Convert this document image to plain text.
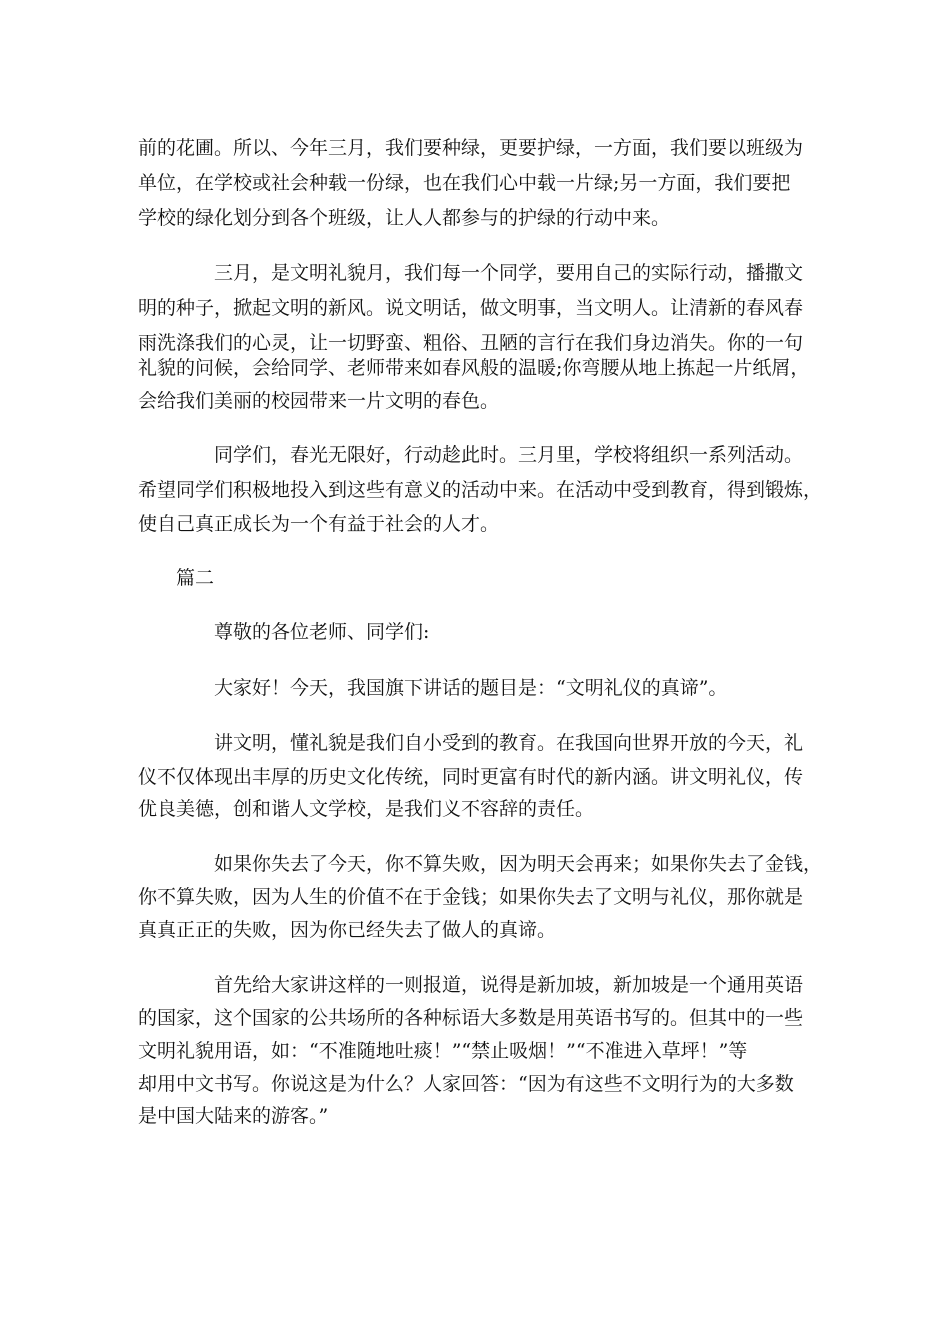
前的花圃。所以、今年三月，我们要种绿，更要护绿，一方面，我们要以班级为
单位，在学校或社会种载一份绿，也在我们心中载一片绿;另一方面，我们要把
学校的绿化划分到各个班级，让人人都参与的护绿的行动中来。
三月，是文明礼貌月，我们每一个同学，要用自己的实际行动，播撒文
明的种子，掀起文明的新风。说文明话，做文明事，当文明人。让清新的春风春
雨洗涤我们的心灵，让一切野蛮、粗俗、丑陋的言行在我们身边消失。你的一句
礼貌的问候，会给同学、老师带来如春风般的温暖;你弯腰从地上拣起一片纸屑，
会给我们美丽的校园带来一片文明的春色。
同学们，春光无限好，行动趁此时。三月里，学校将组织一系列活动。
希望同学们积极地投入到这些有意义的活动中来。在活动中受到教育，得到锻炼，
使自己真正成长为一个有益于社会的人才。
篇二
尊敬的各位老师、同学们:
大家好！今天，我国旗下讲话的题目是：“文明礼仪的真谛”。
讲文明，懂礼貌是我们自小受到的教育。在我国向世界开放的今天，礼
仪不仅体现出丰厚的历史文化传统，同时更富有时代的新内涵。讲文明礼仪，传
优良美德，创和谐人文学校，是我们义不容辞的责任。
如果你失去了今天，你不算失败，因为明天会再来；如果你失去了金钱，
你不算失败，因为人生的价值不在于金钱；如果你失去了文明与礼仪，那你就是
真真正正的失败，因为你已经失去了做人的真谛。
首先给大家讲这样的一则报道，说得是新加坡，新加坡是一个通用英语
的国家，这个国家的公共场所的各种标语大多数是用英语书写的。但其中的一些
文明礼貌用语，如：“不准随地吐痰！”“禁止吸烟！”“不准进入草坪！”等
却用中文书写。你说这是为什么？人家回答：“因为有这些不文明行为的大多数
是中国大陆来的游客。”
